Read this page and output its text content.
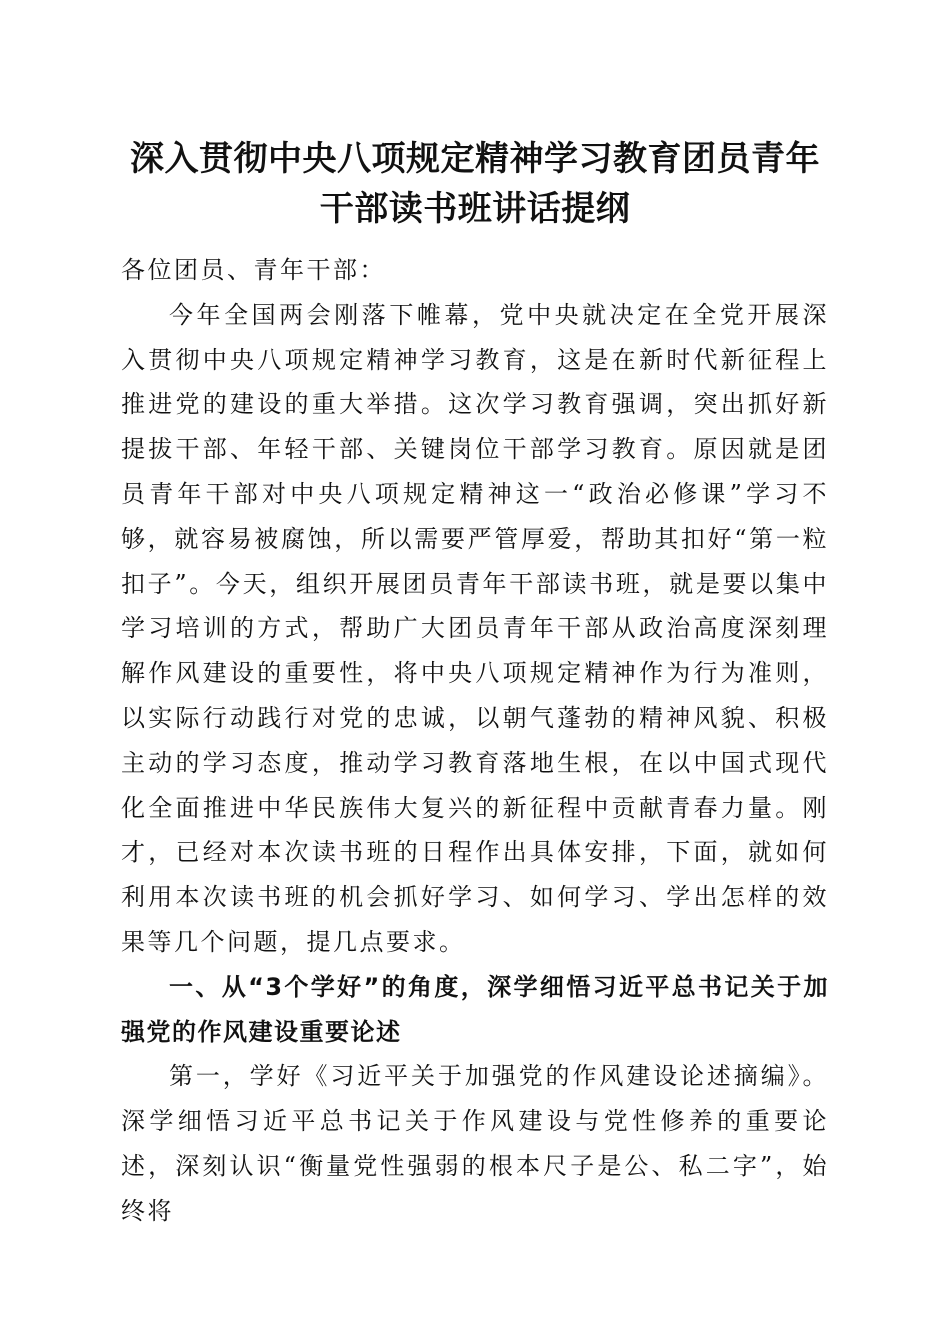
深入贯彻中央八项规定精神学习教育团员青年
干部读书班讲话提纲

各位团员、青年干部：

今年全国两会刚落下帷幕，党中央就决定在全党开展深入贯彻中央八项规定精神学习教育，这是在新时代新征程上推进党的建设的重大举措。这次学习教育强调，突出抓好新提拔干部、年轻干部、关键岗位干部学习教育。原因就是团员青年干部对中央八项规定精神这一“政治必修课”学习不够，就容易被腐蚀，所以需要严管厚爱，帮助其扣好“第一粒扣子”。今天，组织开展团员青年干部读书班，就是要以集中学习培训的方式，帮助广大团员青年干部从政治高度深刻理解作风建设的重要性，将中央八项规定精神作为行为准则，以实际行动践行对党的忠诚，以朝气蓬勃的精神风貌、积极主动的学习态度，推动学习教育落地生根，在以中国式现代化全面推进中华民族伟大复兴的新征程中贡献青春力量。刚才，已经对本次读书班的日程作出具体安排，下面，就如何利用本次读书班的机会抓好学习、如何学习、学出怎样的效果等几个问题，提几点要求。

一、从“3个学好”的角度，深学细悟习近平总书记关于加强党的作风建设重要论述

第一，学好《习近平关于加强党的作风建设论述摘编》。深学细悟习近平总书记关于作风建设与党性修养的重要论述，深刻认识“衡量党性强弱的根本尺子是公、私二字”，始终将
